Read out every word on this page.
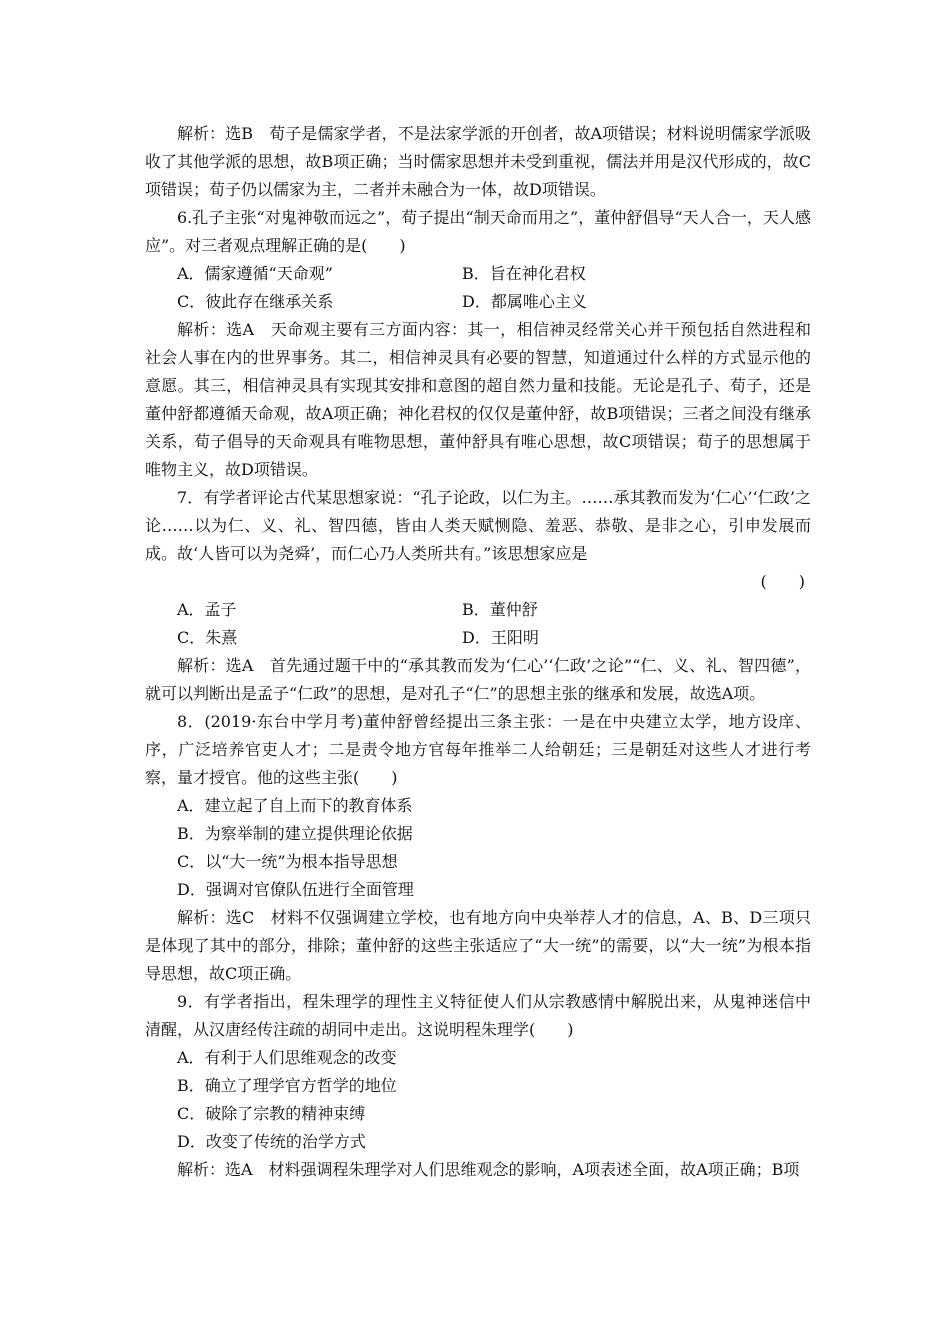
解析：选B　荀子是儒家学者，不是法家学派的开创者，故A项错误；材料说明儒家学派吸收了其他学派的思想，故B项正确；当时儒家思想并未受到重视，儒法并用是汉代形成的，故C项错误；荀子仍以儒家为主，二者并未融合为一体，故D项错误。

6.孔子主张“对鬼神敬而远之”，荀子提出“制天命而用之”，董仲舒倡导“天人合一，天人感应”。对三者观点理解正确的是(　　)

A．儒家遵循“天命观”	B．旨在神化君权
C．彼此存在继承关系	D．都属唯心主义

解析：选A　天命观主要有三方面内容：其一，相信神灵经常关心并干预包括自然进程和社会人事在内的世界事务。其二，相信神灵具有必要的智慧，知道通过什么样的方式显示他的意愿。其三，相信神灵具有实现其安排和意图的超自然力量和技能。无论是孔子、荀子，还是董仲舒都遵循天命观，故A项正确；神化君权的仅仅是董仲舒，故B项错误；三者之间没有继承关系，荀子倡导的天命观具有唯物思想，董仲舒具有唯心思想，故C项错误；荀子的思想属于唯物主义，故D项错误。

7．有学者评论古代某思想家说：“孔子论政，以仁为主。……承其教而发为‘仁心’‘仁政’之论……以为仁、义、礼、智四德，皆由人类天赋恻隐、羞恶、恭敬、是非之心，引申发展而成。故‘人皆可以为尧舜’，而仁心乃人类所共有。”该思想家应是

(　　)
A．孟子	B．董仲舒
C．朱熹	D．王阳明

解析：选A　首先通过题干中的“承其教而发为‘仁心’‘仁政’之论”“仁、义、礼、智四德”，就可以判断出是孟子“仁政”的思想，是对孔子“仁”的思想主张的继承和发展，故选A项。

8．(2019·东台中学月考)董仲舒曾经提出三条主张：一是在中央建立太学，地方设庠、序，广泛培养官吏人才；二是责令地方官每年推举二人给朝廷；三是朝廷对这些人才进行考察，量才授官。他的这些主张(　　)

A．建立起了自上而下的教育体系
B．为察举制的建立提供理论依据
C．以“大一统”为根本指导思想
D．强调对官僚队伍进行全面管理

解析：选C　材料不仅强调建立学校，也有地方向中央举荐人才的信息，A、B、D三项只是体现了其中的部分，排除；董仲舒的这些主张适应了“大一统”的需要，以“大一统”为根本指导思想，故C项正确。

9．有学者指出，程朱理学的理性主义特征使人们从宗教感情中解脱出来，从鬼神迷信中清醒，从汉唐经传注疏的胡同中走出。这说明程朱理学(　　)

A．有利于人们思维观念的改变
B．确立了理学官方哲学的地位
C．破除了宗教的精神束缚
D．改变了传统的治学方式

解析：选A　材料强调程朱理学对人们思维观念的影响，A项表述全面，故A项正确；B项
